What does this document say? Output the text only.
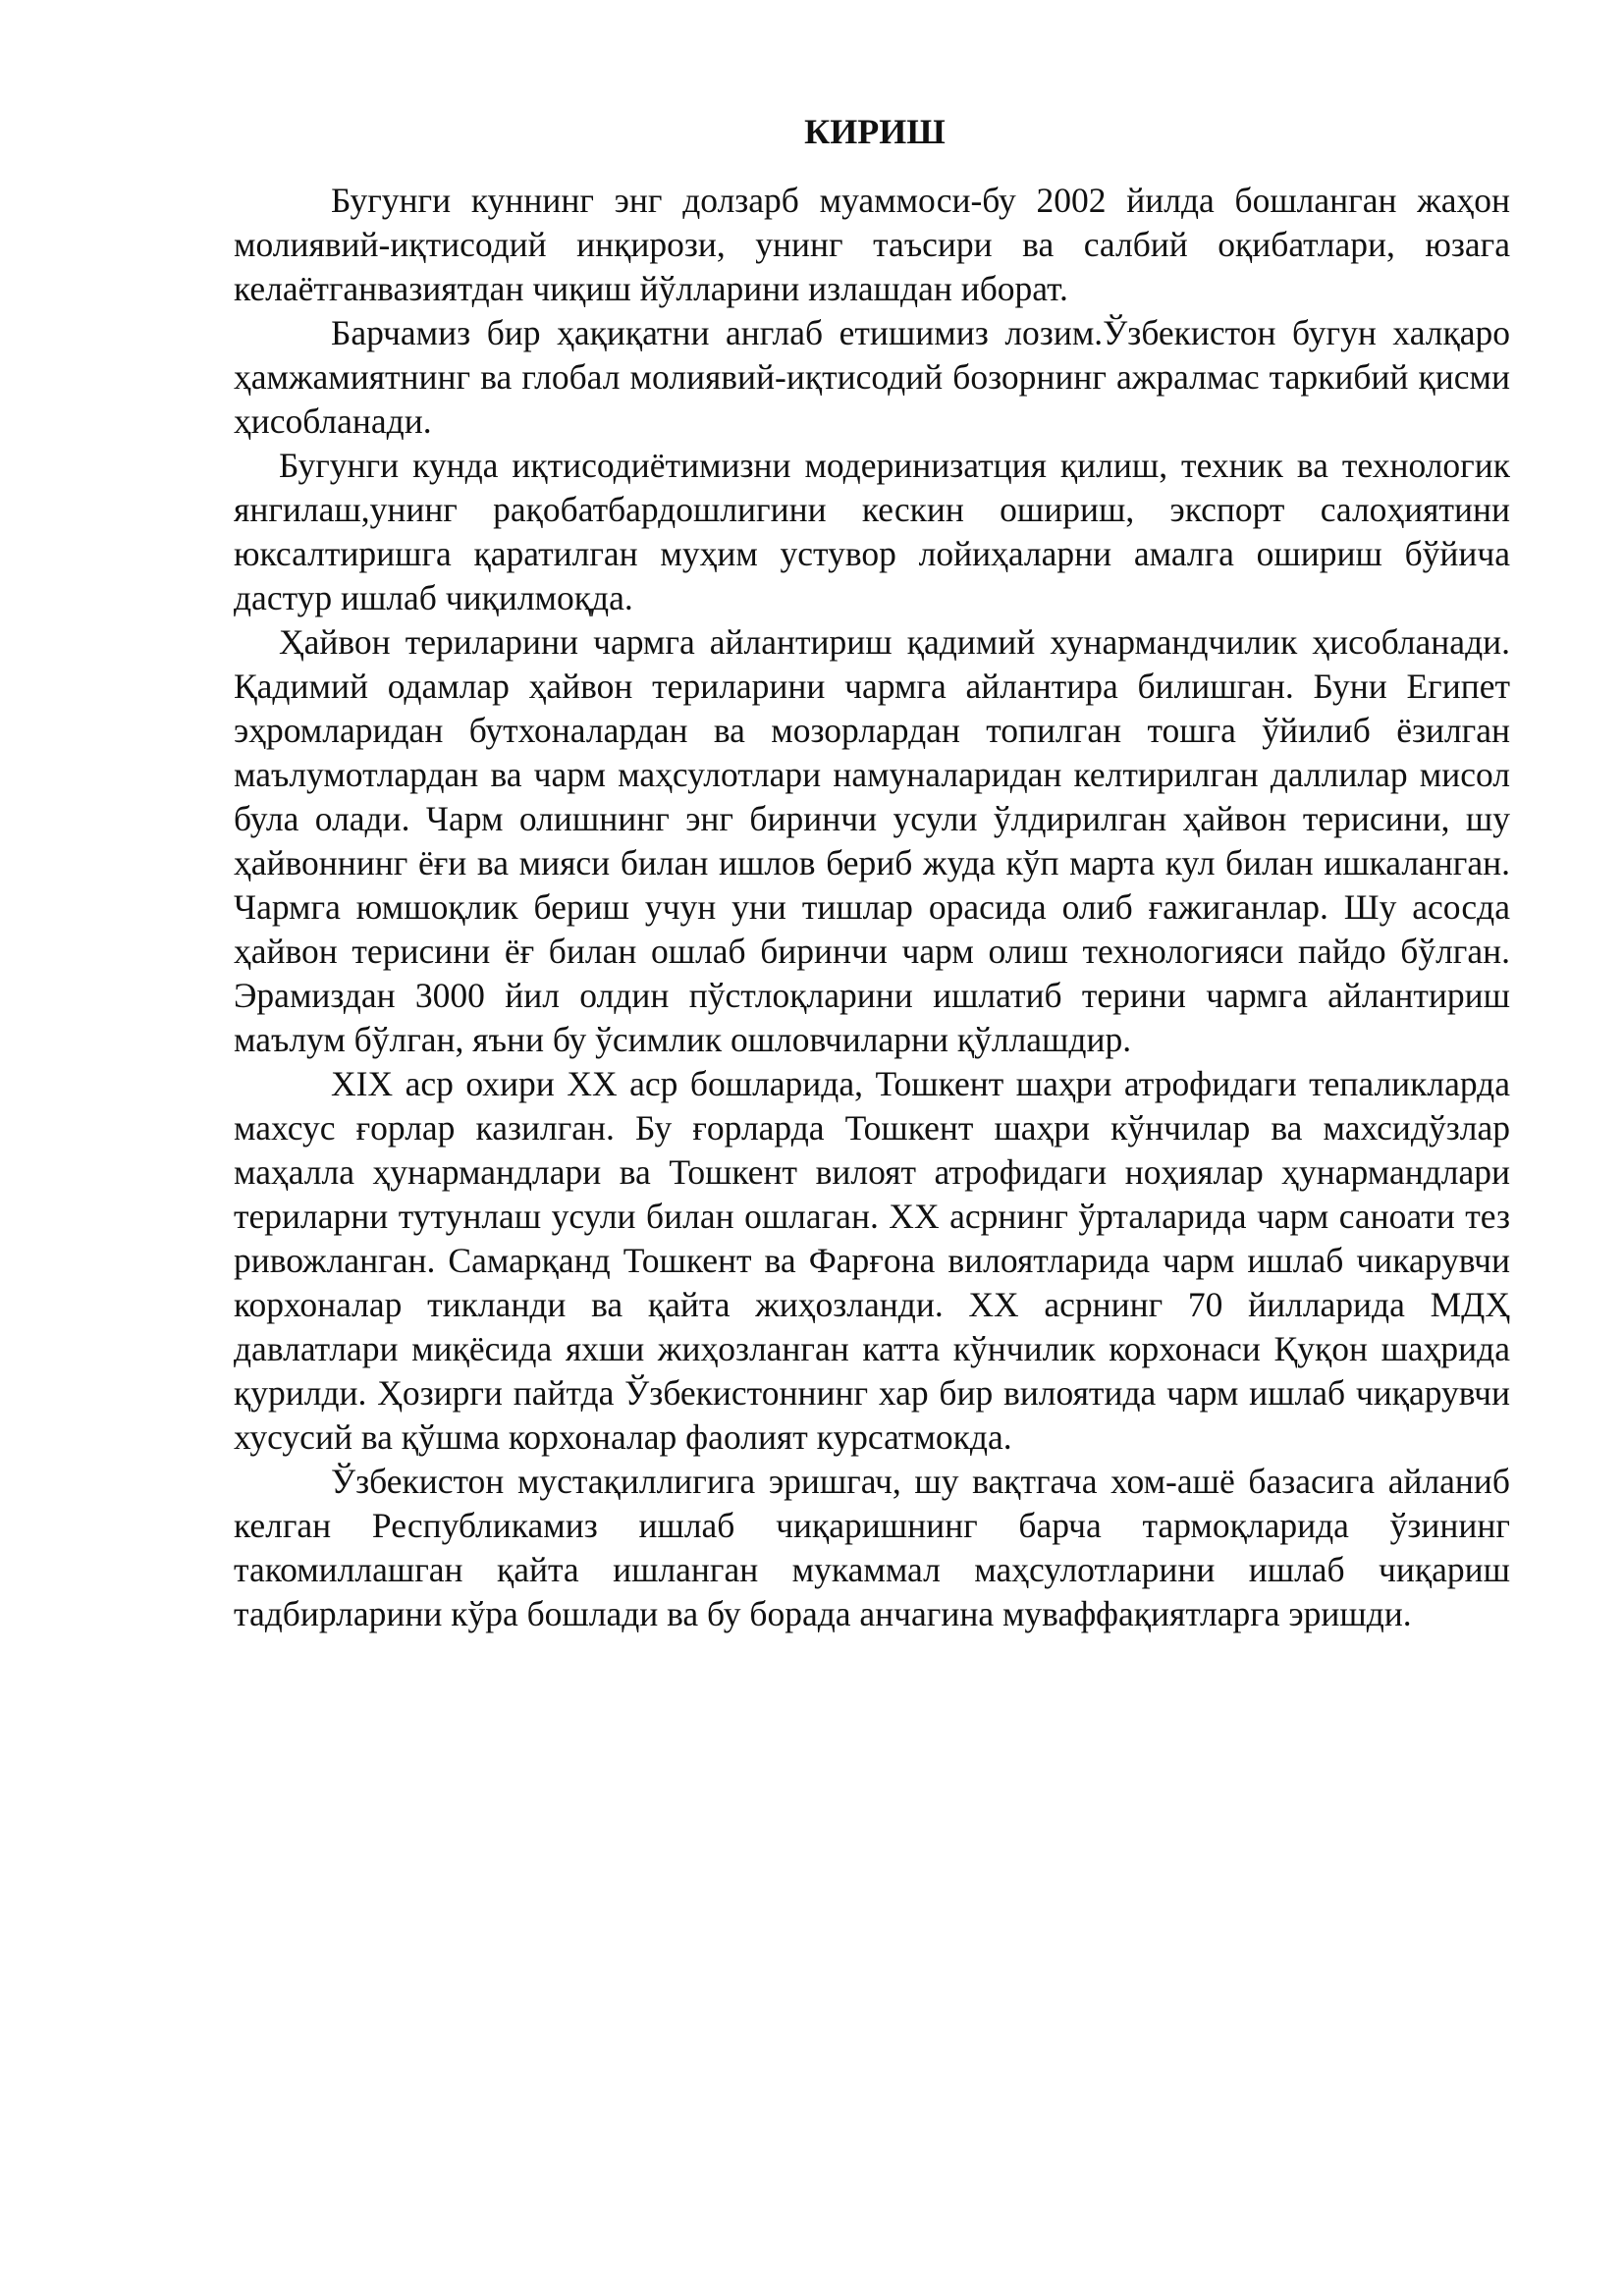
КИРИШ

Бугунги куннинг энг долзарб муаммоси-бу 2002 йилда бошланган жаҳон молиявий-иқтисодий инқирози, унинг таъсири ва салбий оқибатлари, юзага келаётганвазиятдан чиқиш йўлларини излашдан иборат.

Барчамиз бир ҳақиқатни англаб етишимиз лозим.Ўзбекистон бугун халқаро ҳамжамиятнинг ва глобал молиявий-иқтисодий бозорнинг ажралмас таркибий қисми ҳисобланади.

Бугунги кунда иқтисодиётимизни модеринизатция қилиш, техник ва технологик янгилаш,унинг рақобатбардошлигини кескин ошириш, экспорт салоҳиятини юксалтиришга қаратилган муҳим устувор лойиҳаларни амалга ошириш бўйича дастур ишлаб чиқилмоқда.

Ҳайвон териларини чармга айлантириш қадимий хунармандчилик ҳисобланади. Қадимий одамлар ҳайвон териларини чармга айлантира билишган. Буни Египет эҳромларидан бутхоналардан ва мозорлардан топилган тошга ўйилиб ёзилган маълумотлардан ва чарм маҳсулотлари намуналаридан келтирилган даллилар мисол була олади. Чарм олишнинг энг биринчи усули ўлдирилган ҳайвон терисини, шу ҳайвоннинг ёғи ва мияси билан ишлов бериб жуда кўп марта кул билан ишкаланган. Чармга юмшоқлик бериш учун уни тишлар орасида олиб ғажиганлар. Шу асосда ҳайвон терисини ёғ билан ошлаб биринчи чарм олиш технологияси пайдо бўлган. Эрамиздан 3000 йил олдин пўстлоқларини ишлатиб терини чармга айлантириш маълум бўлган, яъни бу ўсимлик ошловчиларни қўллашдир.

XIX аср охири XX аср бошларида, Тошкент шаҳри атрофидаги тепаликларда махсус ғорлар казилган. Бу ғорларда Тошкент шаҳри кўнчилар ва махсидўзлар маҳалла ҳунармандлари ва Тошкент вилоят атрофидаги ноҳиялар ҳунармандлари териларни тутунлаш усули билан ошлаган. XX асрнинг ўрталарида чарм саноати тез ривожланган. Самарқанд Тошкент ва Фарғона вилоятларида чарм ишлаб чикарувчи корхоналар тикланди ва қайта жиҳозланди. XX асрнинг 70 йилларида МДҲ давлатлари миқёсида яхши жиҳозланган катта кўнчилик корхонаси Қуқон шаҳрида қурилди. Ҳозирги пайтда Ўзбекистоннинг хар бир вилоятида чарм ишлаб чиқарувчи хусусий ва қўшма корхоналар фаолият курсатмокда.

Ўзбекистон мустақиллигига эришгач, шу вақтгача хом-ашё базасига айланиб келган Республикамиз ишлаб чиқаришнинг барча тармоқларида ўзининг такомиллашган қайта ишланган мукаммал маҳсулотларини ишлаб чиқариш тадбирларини кўра бошлади ва бу борада анчагина муваффақиятларга эришди.
